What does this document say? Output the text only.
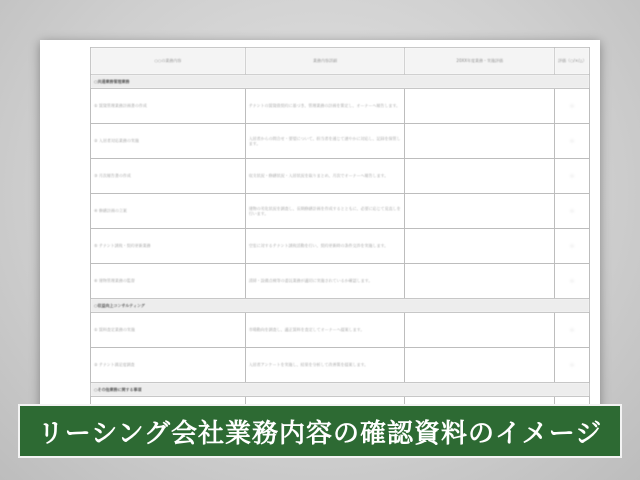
○○の業務内容	業務内容詳細	20XX年度業務・実施評価	評価（○/×/△）
○共通業務管理業務			
① 賃貸管理業務計画書の作成	テナントの賃貸借契約に基づき、管理業務の計画を策定し、オーナーへ報告します。		○
② 入居者対応業務の実施	入居者からの問合せ・要望について、担当者を通じて速やかに対応し、記録を保管します。		○
③ 月次報告書の作成	収支状況・修繕状況・入居状況を取りまとめ、月次でオーナーへ報告します。		○
④ 修繕計画の立案	建物の劣化状況を調査し、長期修繕計画を作成するとともに、必要に応じて見直しを行います。		○
⑤ テナント誘致・契約更新業務	空室に対するテナント誘致活動を行い、契約更新時の条件交渉を実施します。		○
⑥ 建物管理業務の監督	清掃・設備点検等の委託業務が適切に実施されているか確認します。		○
○収益向上コンサルティング			
① 賃料査定業務の実施	市場動向を調査し、適正賃料を査定してオーナーへ提案します。		○
② テナント満足度調査	入居者アンケートを実施し、結果を分析して改善策を提案します。		○
○その他業務に関する事項			

リーシング会社業務内容の確認資料のイメージ
